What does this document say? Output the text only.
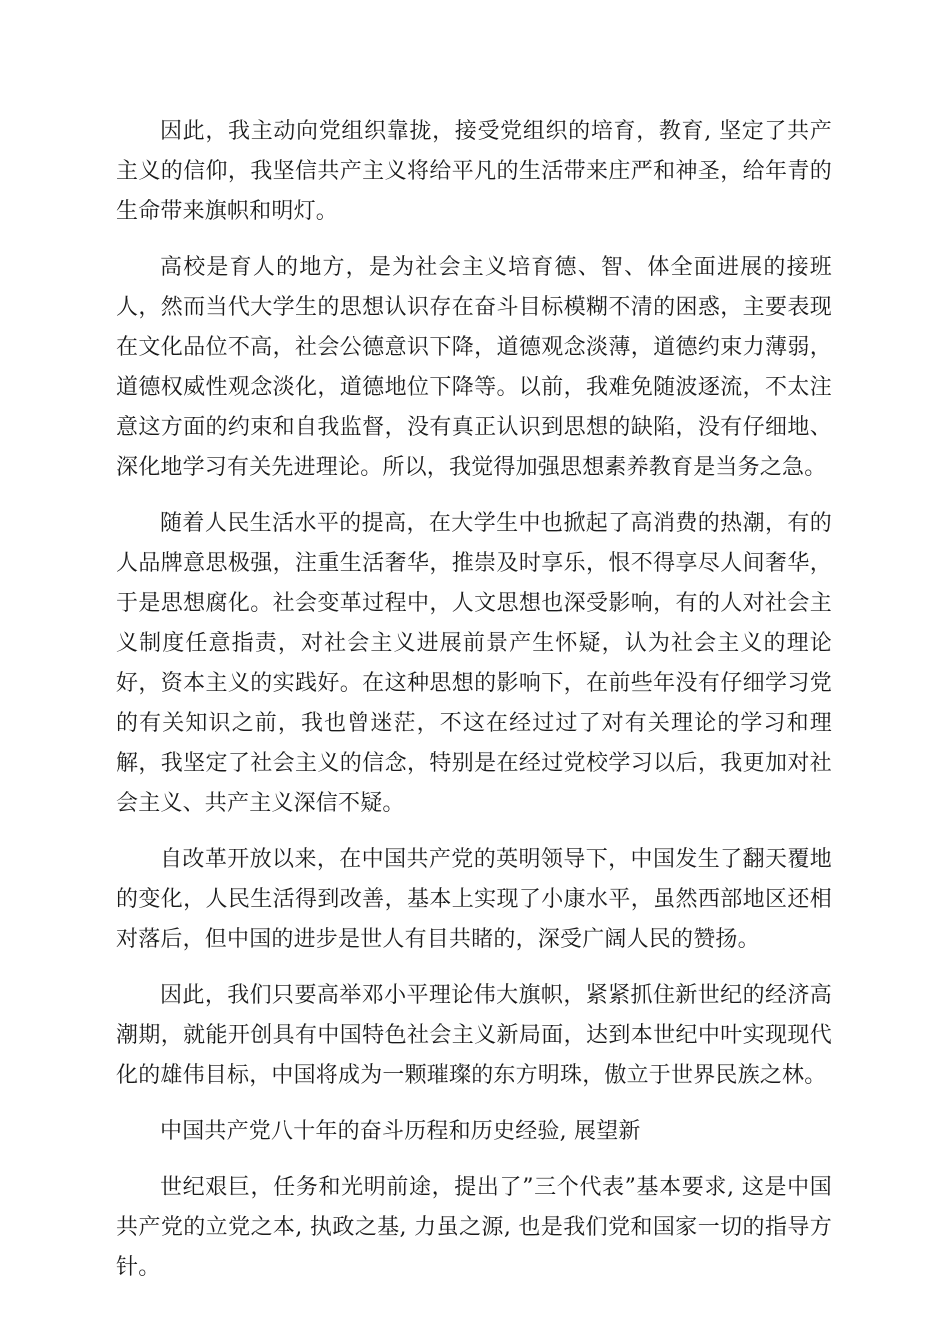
因此，我主动向党组织靠拢，接受党组织的培育，教育, 坚定了共产主义的信仰，我坚信共产主义将给平凡的生活带来庄严和神圣，给年青的生命带来旗帜和明灯。

高校是育人的地方，是为社会主义培育德、智、体全面进展的接班人，然而当代大学生的思想认识存在奋斗目标模糊不清的困惑，主要表现在文化品位不高，社会公德意识下降，道德观念淡薄，道德约束力薄弱，道德权威性观念淡化，道德地位下降等。以前，我难免随波逐流，不太注意这方面的约束和自我监督，没有真正认识到思想的缺陷，没有仔细地、深化地学习有关先进理论。所以，我觉得加强思想素养教育是当务之急。

随着人民生活水平的提高，在大学生中也掀起了高消费的热潮，有的人品牌意思极强，注重生活奢华，推崇及时享乐，恨不得享尽人间奢华，于是思想腐化。社会变革过程中，人文思想也深受影响，有的人对社会主义制度任意指责，对社会主义进展前景产生怀疑，认为社会主义的理论好，资本主义的实践好。在这种思想的影响下，在前些年没有仔细学习党的有关知识之前，我也曾迷茫，不这在经过过了对有关理论的学习和理解，我坚定了社会主义的信念，特别是在经过党校学习以后，我更加对社会主义、共产主义深信不疑。

自改革开放以来，在中国共产党的英明领导下，中国发生了翻天覆地的变化，人民生活得到改善，基本上实现了小康水平，虽然西部地区还相对落后，但中国的进步是世人有目共睹的，深受广阔人民的赞扬。

因此，我们只要高举邓小平理论伟大旗帜，紧紧抓住新世纪的经济高潮期，就能开创具有中国特色社会主义新局面，达到本世纪中叶实现现代化的雄伟目标，中国将成为一颗璀璨的东方明珠，傲立于世界民族之林。

中国共产党八十年的奋斗历程和历史经验, 展望新

世纪艰巨，任务和光明前途，提出了”三个代表”基本要求, 这是中国共产党的立党之本, 执政之基, 力虽之源, 也是我们党和国家一切的指导方针。
